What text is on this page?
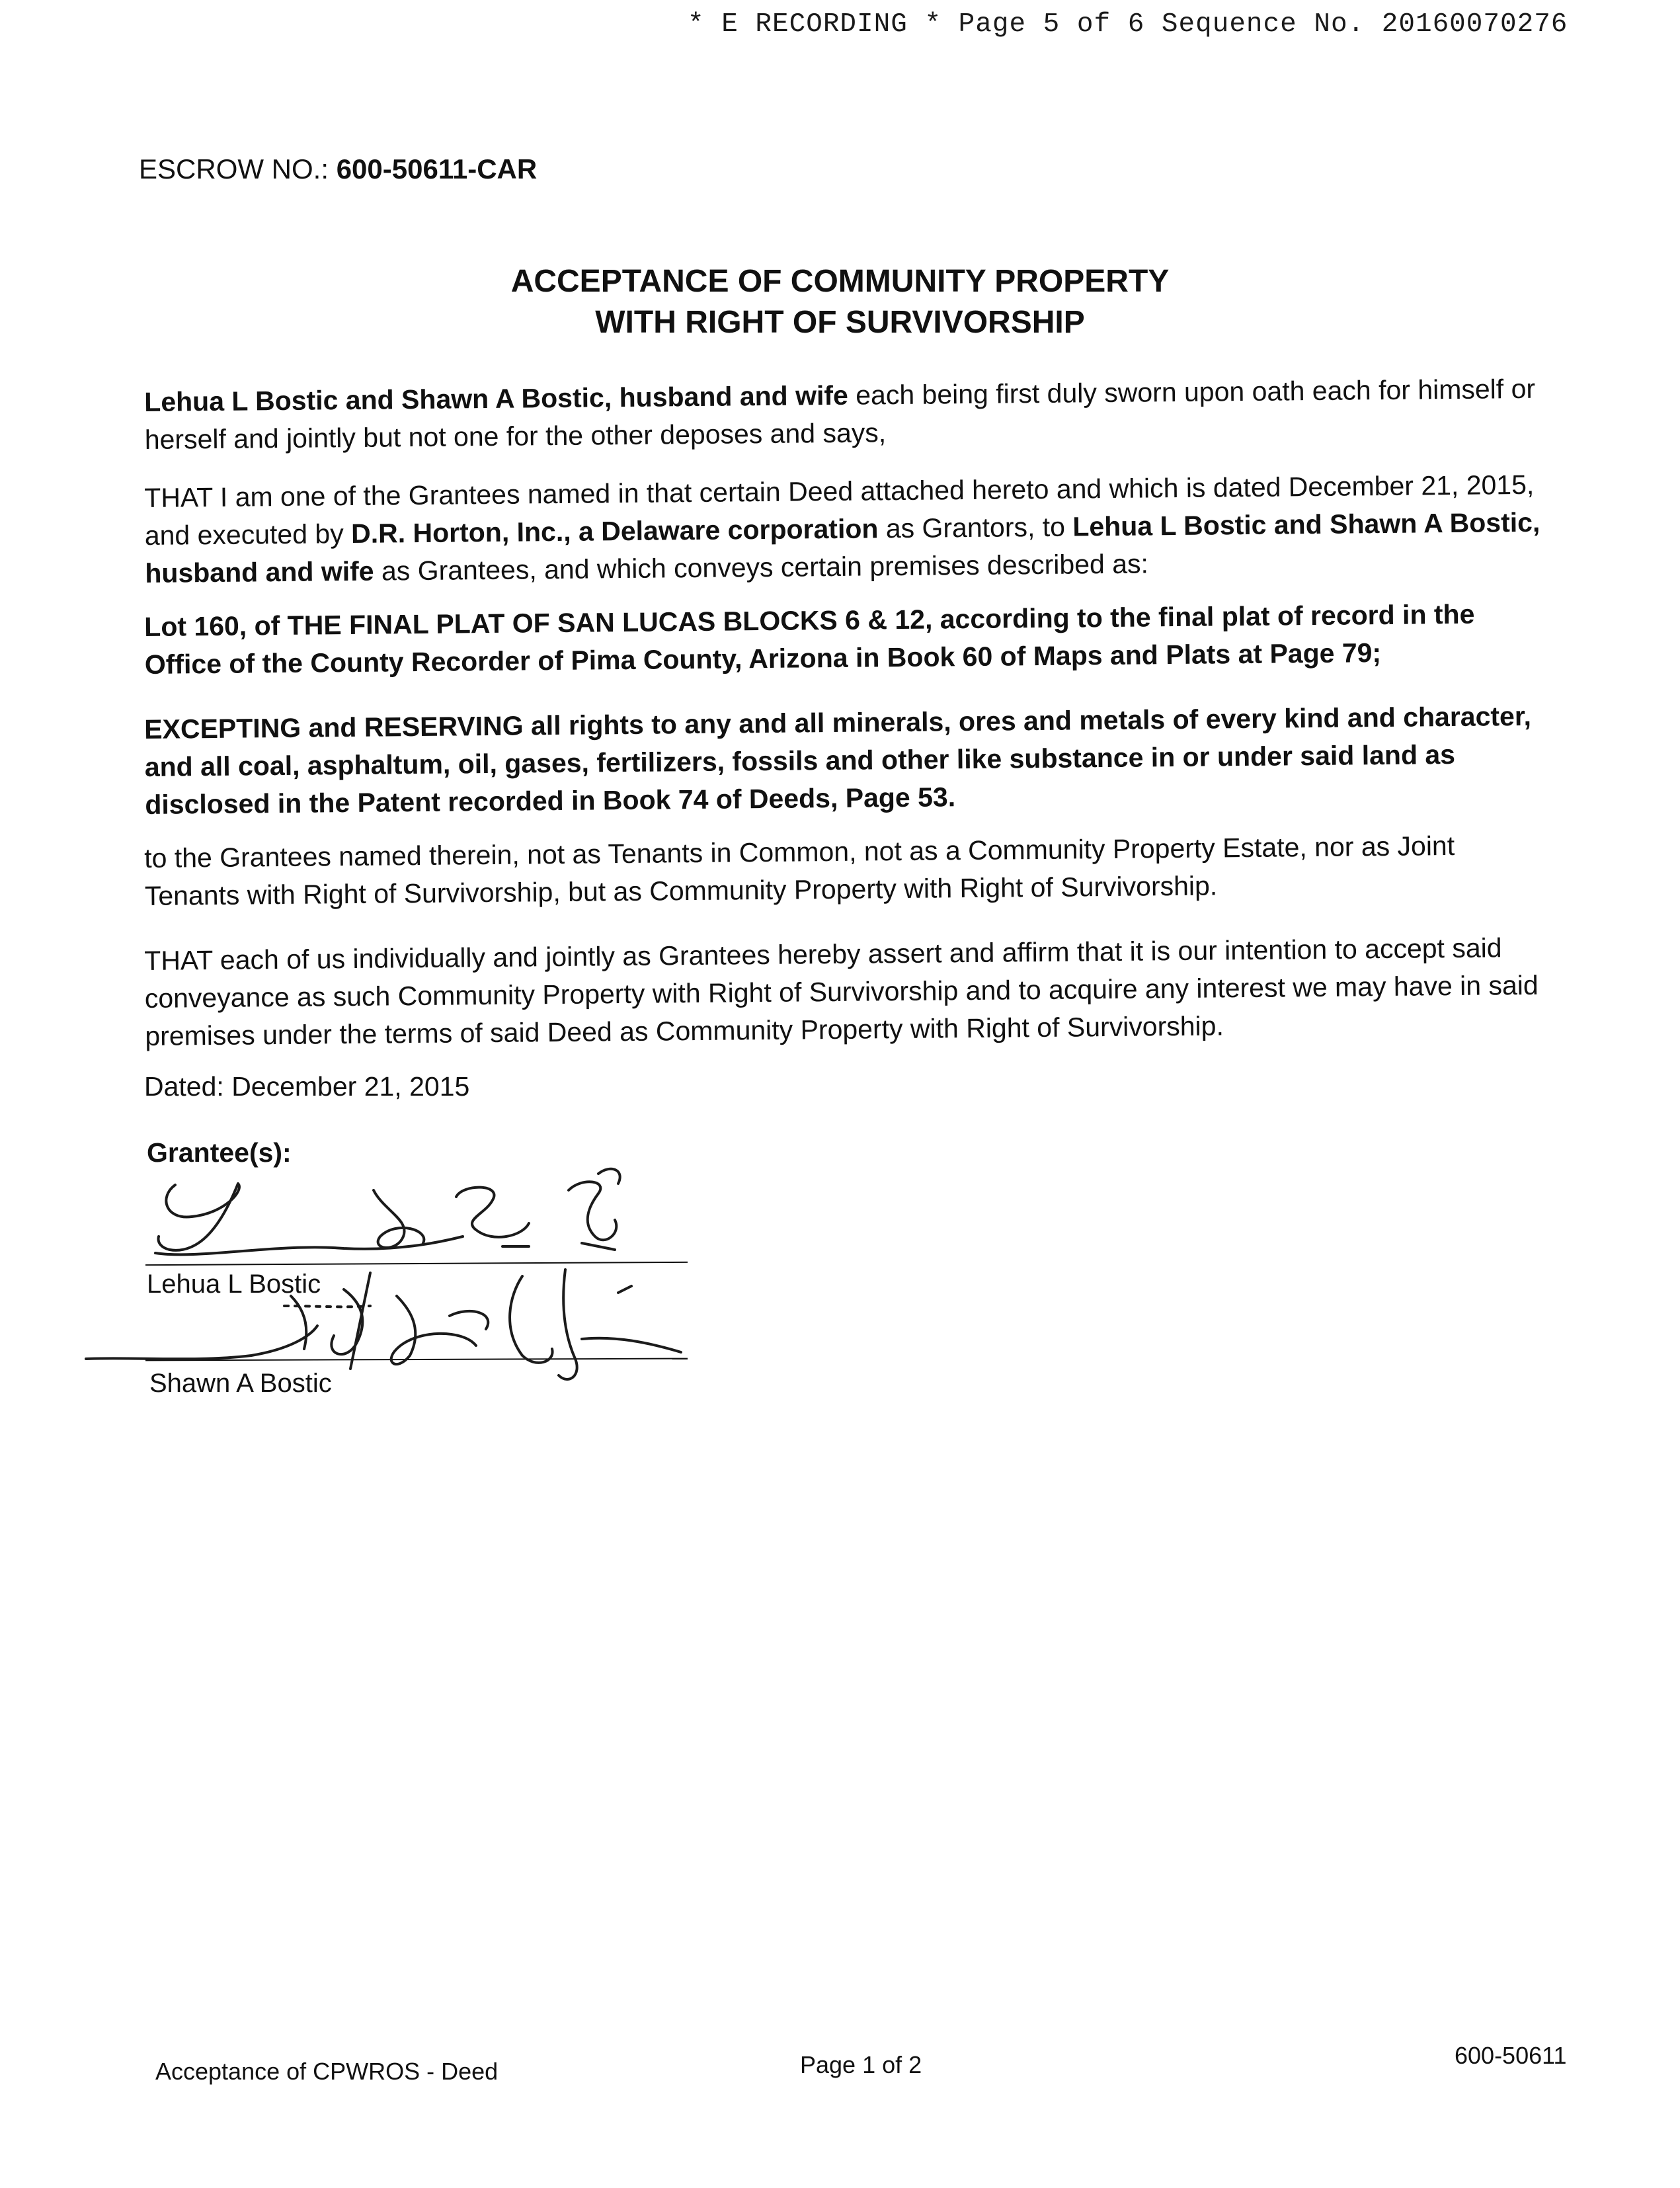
* E RECORDING * Page 5 of 6 Sequence No. 20160070276
ESCROW NO.: 600-50611-CAR
ACCEPTANCE OF COMMUNITY PROPERTY
WITH RIGHT OF SURVIVORSHIP

Lehua L Bostic and Shawn A Bostic, husband and wife each being first duly sworn upon oath each for himself or herself and jointly but not one for the other deposes and says,

THAT I am one of the Grantees named in that certain Deed attached hereto and which is dated December 21, 2015, and executed by D.R. Horton, Inc., a Delaware corporation as Grantors, to Lehua L Bostic and Shawn A Bostic, husband and wife as Grantees, and which conveys certain premises described as:

Lot 160, of THE FINAL PLAT OF SAN LUCAS BLOCKS 6 & 12, according to the final plat of record in the Office of the County Recorder of Pima County, Arizona in Book 60 of Maps and Plats at Page 79;

EXCEPTING and RESERVING all rights to any and all minerals, ores and metals of every kind and character, and all coal, asphaltum, oil, gases, fertilizers, fossils and other like substance in or under said land as disclosed in the Patent recorded in Book 74 of Deeds, Page 53.

to the Grantees named therein, not as Tenants in Common, not as a Community Property Estate, nor as Joint Tenants with Right of Survivorship, but as Community Property with Right of Survivorship.

THAT each of us individually and jointly as Grantees hereby assert and affirm that it is our intention to accept said conveyance as such Community Property with Right of Survivorship and to acquire any interest we may have in said premises under the terms of said Deed as Community Property with Right of Survivorship.

Dated: December 21, 2015
Grantee(s):
Lehua L Bostic
Shawn A Bostic
Acceptance of CPWROS - Deed	Page 1 of 2	600-50611
